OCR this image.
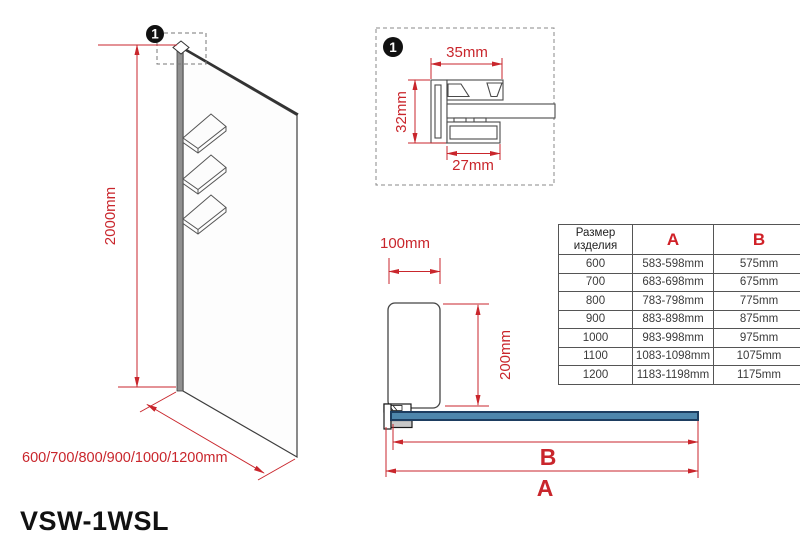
1
2000mm
600/700/800/900/1000/1200mm
1	35mm
32mm
27mm
100mm
200mm
B
A
Размер изделия	A	B
600	583-598mm	575mm
700	683-698mm	675mm
800	783-798mm	775mm
900	883-898mm	875mm
1000	983-998mm	975mm
1100	1083-1098mm	1075mm
1200	1183-1198mm	1175mm
VSW-1WSL
